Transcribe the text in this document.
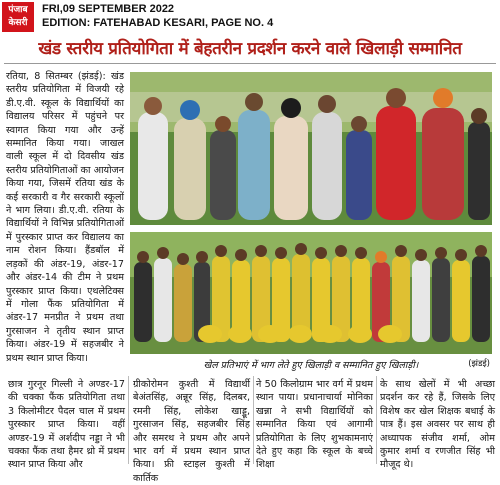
पंजाब केसरी
FRI,09 SEPTEMBER 2022
EDITION: FATEHABAD KESARI, PAGE NO. 4
खंड स्तरीय प्रतियोगिता में बेहतरीन प्रदर्शन करने वाले खिलाड़ी सम्मानित
रतिया, 8 सितम्बर (झंडई): खंड स्तरीय प्रतियोगिता में विजयी रहे डी.ए.वी. स्कूल के विद्यार्थियों का विद्यालय परिसर में पहुंचने पर स्वागत किया गया और उन्हें सम्मानित किया गया। जाखल वाली स्कूल में दो दिवसीय खंड स्तरीय प्रतियोगिताओं का आयोजन किया गया, जिसमें रतिया खंड के कई सरकारी व गैर सरकारी स्कूलों ने भाग लिया। डी.ए.वी. रतिया के विद्यार्थियों ने विभिन्न प्रतियोगिताओं में पुरस्कार प्राप्त कर विद्यालय का नाम रोशन किया। हैंडबॉल में लड़कों की अंडर-19, अंडर-17 और अंडर-14 की टीम ने प्रथम पुरस्कार प्राप्त किया। एथलेटिक्स में गोला फैंक प्रतियोगिता में अंडर-17 मनप्रीत ने प्रथम तथा गुरसाजन ने तृतीय स्थान प्राप्त किया। अंडर-19 में सहजबीर ने प्रथम स्थान प्राप्त किया।
खेल प्रतिभाएं में भाग लेते हुए खिलाड़ी व सम्मानित हुए खिलाड़ी।	(झंडई)
छात्र गुरनूर गिल्ली ने अण्डर-17 की चक्का फैंक प्रतियोगिता तथा 3 किलोमीटर पैदल चाल में प्रथम पुरस्कार प्राप्त किया। वहीं अण्डर-19 में अर्शदीप नड्डा ने भी चक्का फैंक तथा हैमर थ्रो में प्रथम स्थान प्राप्त किया और
ग्रीकोरोमन कुश्ती में विद्यार्थी बेअंतसिंह, अन्नूर सिंह, दिलबर, रमनी सिंह, लोकेश खाड्डू, गुरसाजन सिंह, सहजबीर सिंह और समरथ ने प्रथम और अपने भार वर्ग में प्रथम स्थान प्राप्त किया। फ्री स्टाइल कुश्ती में कार्तिक
ने 50 किलोग्राम भार वर्ग में प्रथम स्थान पाया। प्रधानाचार्या मोनिका खन्ना ने सभी विद्यार्थियों को सम्मानित किया एवं आगामी प्रतियोगिता के लिए शुभकामनाएं देते हुए कहा कि स्कूल के बच्चे शिक्षा
के साथ खेलों में भी अच्छा प्रदर्शन कर रहे हैं, जिसके लिए विशेष कर खेल शिक्षक बधाई के पात्र हैं। इस अवसर पर साथ ही अध्यापक संजीव शर्मा, ओम कुमार शर्मा व रणजीत सिंह भी मौजूद थे।
